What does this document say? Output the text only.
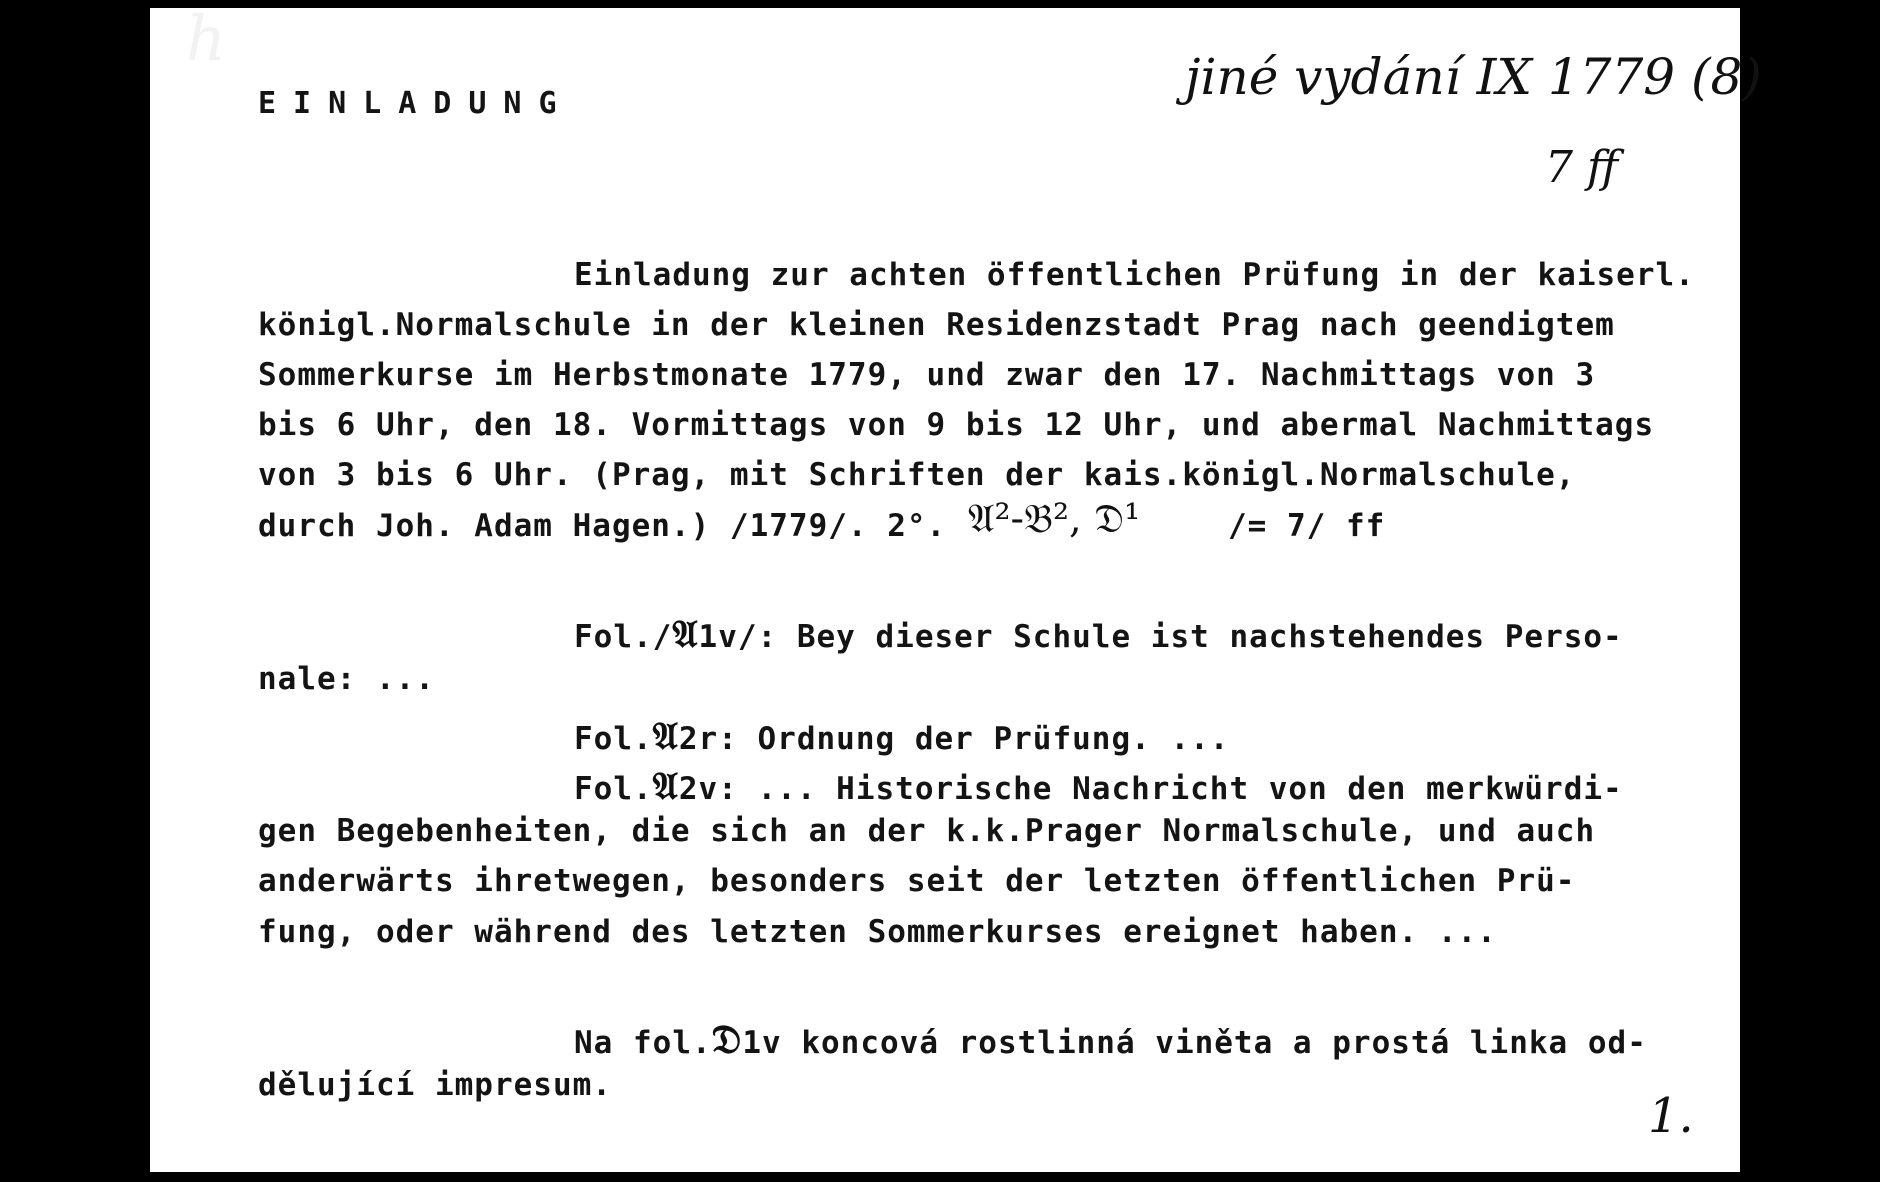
h
EINLADUNG	jiné vydání IX 1779 (8)
7 ff
Einladung zur achten öffentlichen Prüfung in der kaiserl.
königl.Normalschule in der kleinen Residenzstadt Prag nach geendigtem
Sommerkurse im Herbstmonate 1779, und zwar den 17. Nachmittags von 3
bis 6 Uhr, den 18. Vormittags von 9 bis 12 Uhr, und abermal Nachmittags
von 3 bis 6 Uhr. (Prag, mit Schriften der kais.königl.Normalschule,
durch Joh. Adam Hagen.) /1779/. 2°. 𝔄²-𝔅², 𝔇¹	/= 7/ ff
Fol./𝔄1v/: Bey dieser Schule ist nachstehendes Perso-
nale: ...
Fol.𝔄2r: Ordnung der Prüfung. ...
Fol.𝔄2v: ... Historische Nachricht von den merkwürdi-
gen Begebenheiten, die sich an der k.k.Prager Normalschule, und auch
anderwärts ihretwegen, besonders seit der letzten öffentlichen Prü-
fung, oder während des letzten Sommerkurses ereignet haben. ...
Na fol.𝔇1v koncová rostlinná viněta a prostá linka od-
dělující impresum.
1.
